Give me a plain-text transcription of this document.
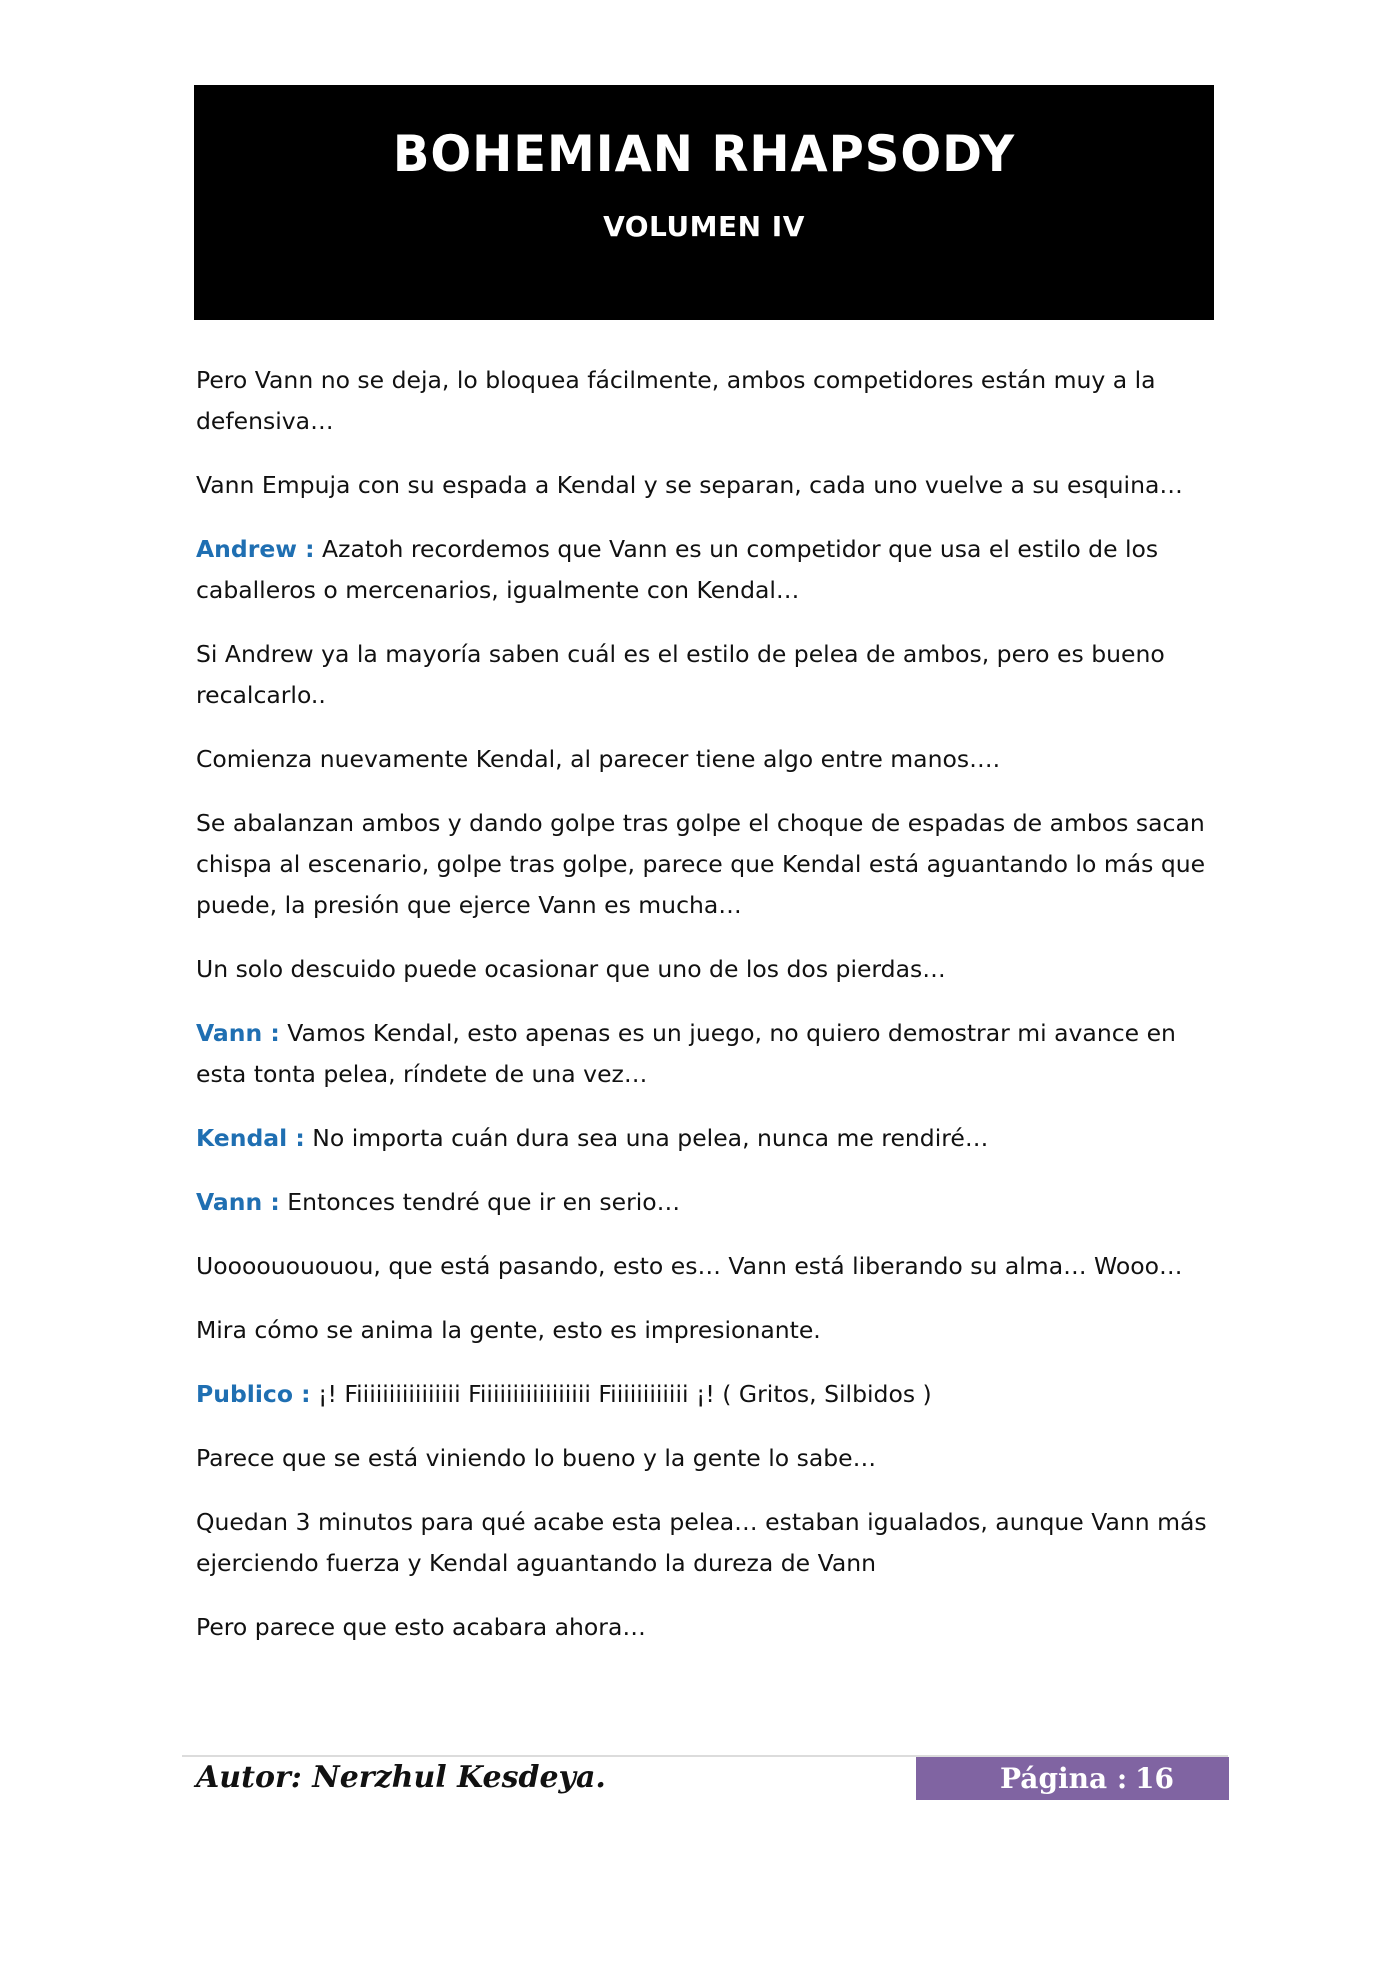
BOHEMIAN RHAPSODY
VOLUMEN IV

Pero Vann no se deja, lo bloquea fácilmente, ambos competidores están muy a la defensiva…

Vann Empuja con su espada a Kendal y se separan, cada uno vuelve a su esquina…

Andrew : Azatoh recordemos que Vann es un competidor que usa el estilo de los caballeros o mercenarios, igualmente con Kendal…

Si Andrew ya la mayoría saben cuál es el estilo de pelea de ambos, pero es bueno recalcarlo..

Comienza nuevamente Kendal, al parecer tiene algo entre manos….

Se abalanzan ambos y dando golpe tras golpe el choque de espadas de ambos sacan chispa al escenario, golpe tras golpe, parece que Kendal está aguantando lo más que puede, la presión que ejerce Vann es mucha…

Un solo descuido puede ocasionar que uno de los dos pierdas…

Vann : Vamos Kendal, esto apenas es un juego, no quiero demostrar mi avance en esta tonta pelea, ríndete de una vez…

Kendal : No importa cuán dura sea una pelea, nunca me rendiré…

Vann : Entonces tendré que ir en serio…

Uoooouououou, que está pasando, esto es… Vann está liberando su alma… Wooo…

Mira cómo se anima la gente, esto es impresionante.

Publico : ¡! Fiiiiiiiiiiiiiiii Fiiiiiiiiiiiiiiiii Fiiiiiiiiiiii ¡! ( Gritos, Silbidos )

Parece que se está viniendo lo bueno y la gente lo sabe…

Quedan 3 minutos para qué acabe esta pelea… estaban igualados, aunque Vann más ejerciendo fuerza y Kendal aguantando la dureza de Vann

Pero parece que esto acabara ahora…

Autor: Nerzhul Kesdeya.	Página : 16
